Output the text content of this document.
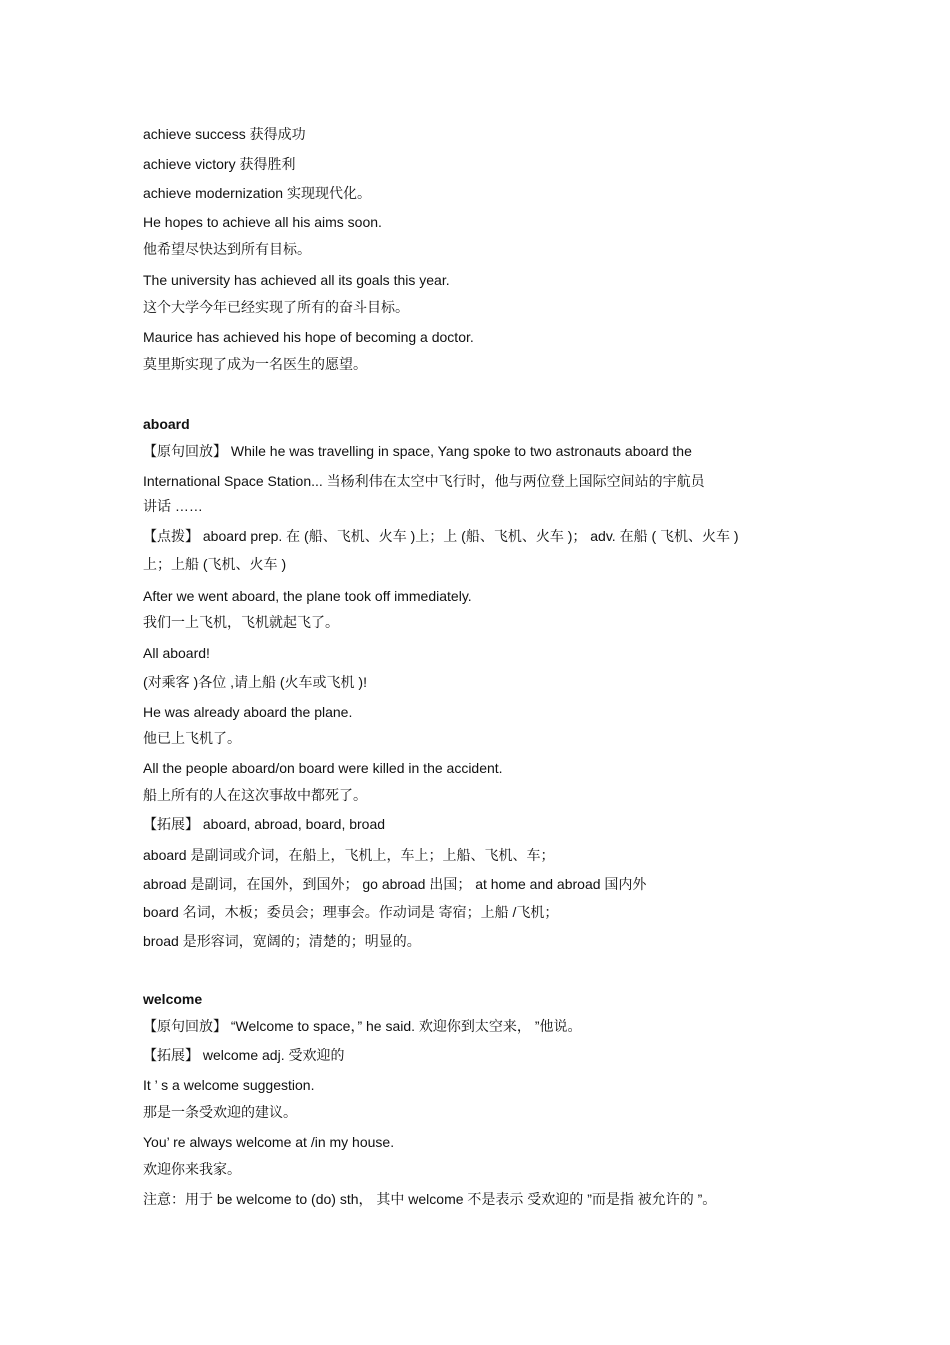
achieve success 获得成功
achieve victory 获得胜利
achieve modernization 实现现代化。
He hopes to achieve all his aims soon.
他希望尽快达到所有目标。
The university has achieved all its goals this year.
这个大学今年已经实现了所有的奋斗目标。
Maurice has achieved his hope of becoming a doctor.
莫里斯实现了成为一名医生的愿望。
aboard
【原句回放】 While he was travelling in space, Yang spoke to two astronauts aboard the
International Space Station... 当杨利伟在太空中飞行时，他与两位登上国际空间站的宇航员
讲话 ……
【点拨】 aboard prep. 在 (船、飞机、火车 )上；上 (船、飞机、火车 )； adv. 在船 ( 飞机、火车 )
上；上船 (飞机、火车 )
After we went aboard, the plane took off immediately.
我们一上飞机，飞机就起飞了。
All aboard!
(对乘客 )各位 ,请上船 (火车或飞机 )!
He was already aboard the plane.
他已上飞机了。
All the people aboard/on board were killed in the accident.
船上所有的人在这次事故中都死了。
【拓展】 aboard, abroad, board, broad
aboard 是副词或介词，在船上，飞机上，车上；上船、飞机、车；
abroad 是副词，在国外，到国外； go abroad 出国； at home and abroad 国内外
board 名词，木板；委员会；理事会。作动词是 寄宿；上船 /飞机；
broad 是形容词，宽阔的；清楚的；明显的。
welcome
【原句回放】 “Welcome to space，” he said. 欢迎你到太空来， ”他说。
【拓展】 welcome adj. 受欢迎的
It ’ s a welcome suggestion.
那是一条受欢迎的建议。
You’ re always welcome at /in my house.
欢迎你来我家。
注意：用于 be welcome to (do) sth， 其中 welcome 不是表示 受欢迎的 ”而是指 被允许的 ”。
